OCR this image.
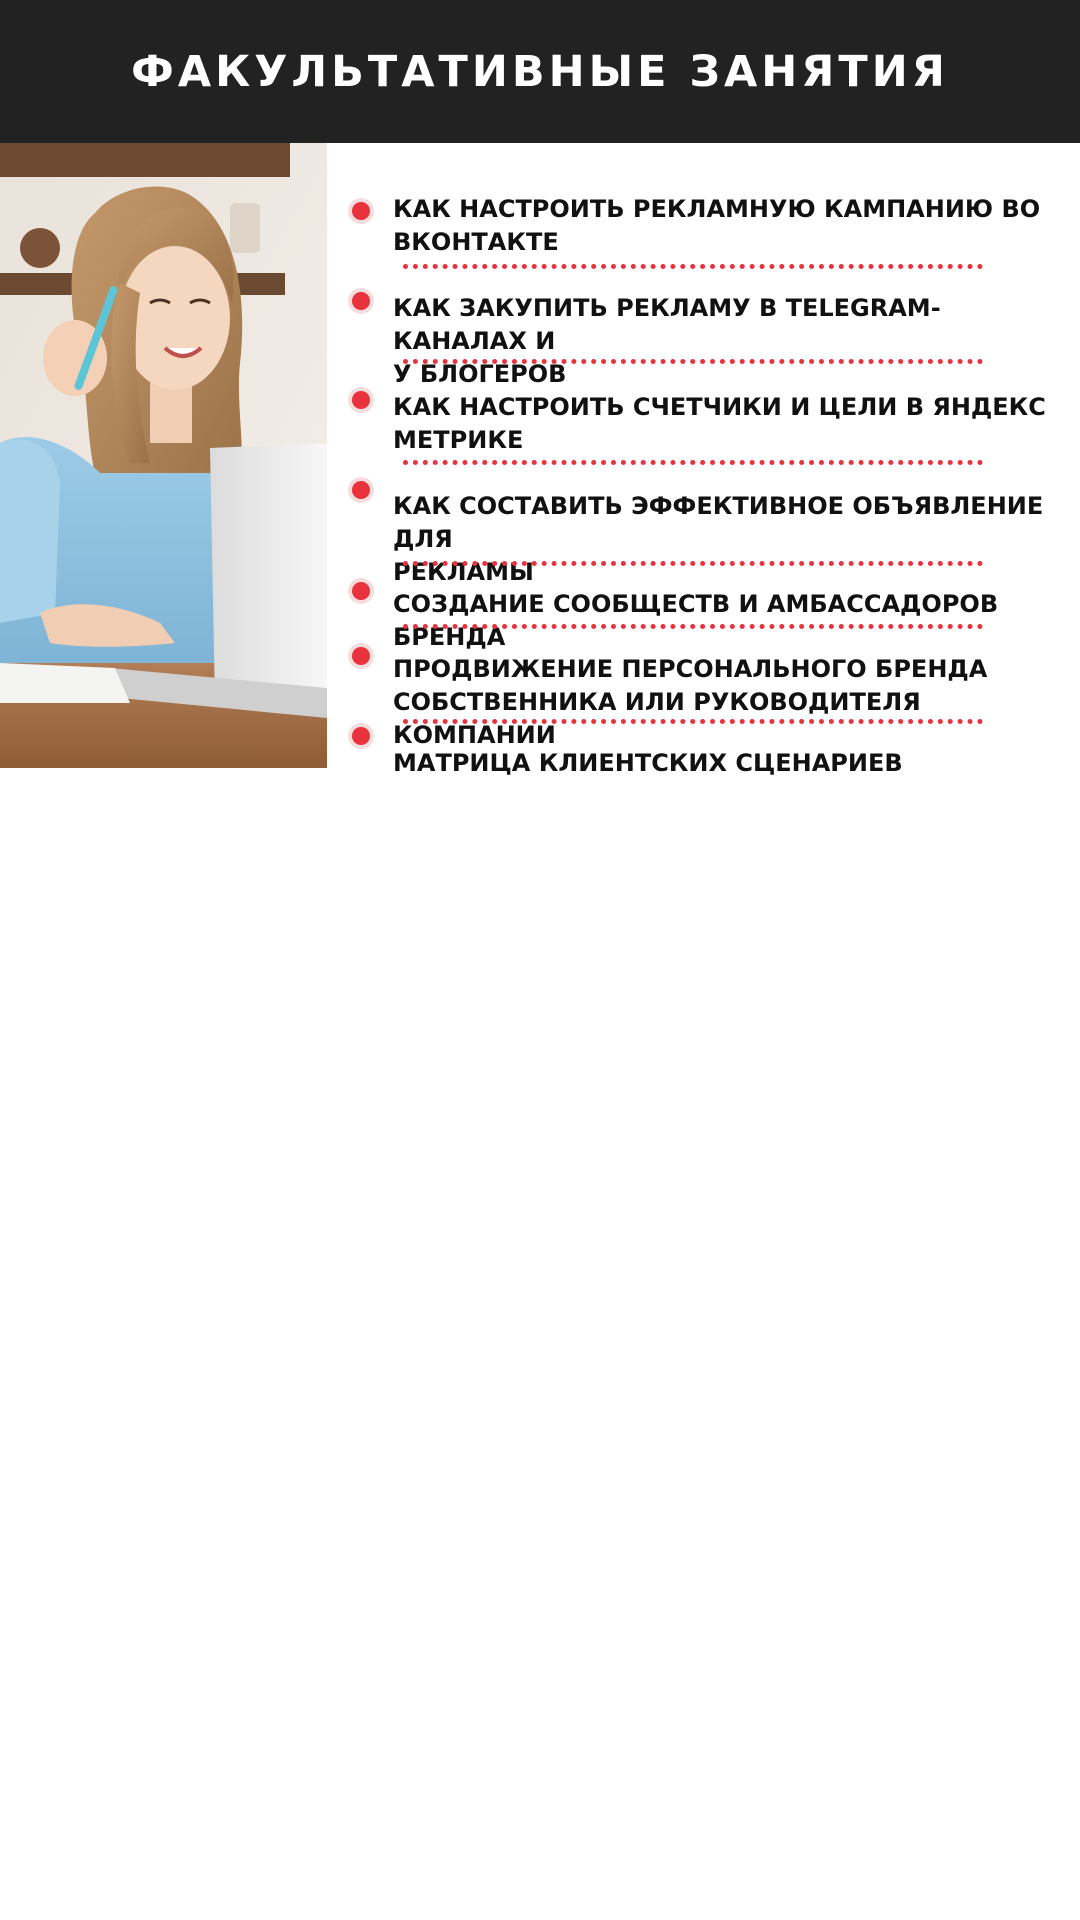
ФАКУЛЬТАТИВНЫЕ ЗАНЯТИЯ
КАК НАСТРОИТЬ РЕКЛАМНУЮ КАМПАНИЮ ВО
ВКОНТАКТЕ
КАК ЗАКУПИТЬ РЕКЛАМУ В TELEGRAM-КАНАЛАХ И
У БЛОГЕРОВ
КАК НАСТРОИТЬ СЧЕТЧИКИ И ЦЕЛИ В ЯНДЕКС
МЕТРИКЕ
КАК СОСТАВИТЬ ЭФФЕКТИВНОЕ ОБЪЯВЛЕНИЕ ДЛЯ
РЕКЛАМЫ
СОЗДАНИЕ СООБЩЕСТВ И АМБАССАДОРОВ БРЕНДА
ПРОДВИЖЕНИЕ ПЕРСОНАЛЬНОГО БРЕНДА
СОБСТВЕННИКА ИЛИ РУКОВОДИТЕЛЯ КОМПАНИИ
МАТРИЦА КЛИЕНТСКИХ СЦЕНАРИЕВ
